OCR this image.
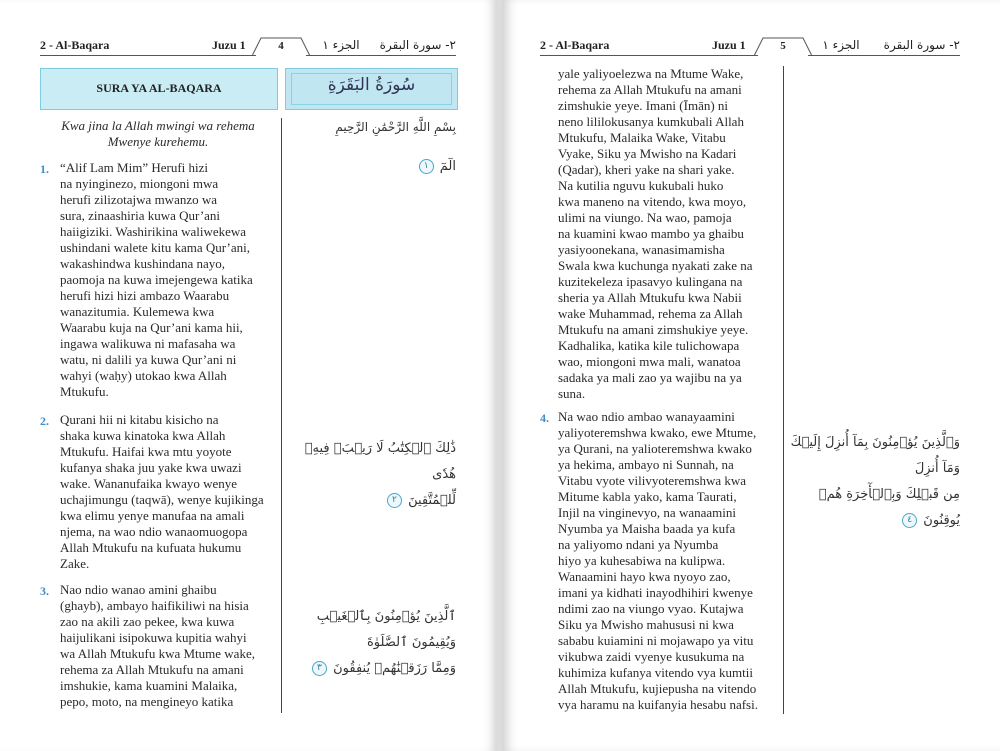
2 - Al-Baqara	Juzu 1	4	الجزء ١	٢- سورة البقرة
SURA YA AL-BAQARA	سُورَةُ البَقَرَةِ
Kwa jina la Allah mwingi wa rehema
Mwenye kurehemu.
بِسْمِ اللَّهِ الرَّحْمَٰنِ الرَّحِيمِ
1. “Alif Lam Mim” Herufi hizi
na nyinginezo, miongoni mwa
herufi zilizotajwa mwanzo wa
sura, zinaashiria kuwa Qur’ani
haiigiziki. Washirikina waliwekewa
ushindani walete kitu kama Qur’ani,
wakashindwa kushindana nayo,
paomoja na kuwa imejengewa katika
herufi hizi hizi ambazo Waarabu
wanazitumia. Kulemewa kwa
Waarabu kuja na Qur’ani kama hii,
ingawa walikuwa ni mafasaha wa
watu, ni dalili ya kuwa Qur’ani ni
wahyi (waḥy) utokao kwa Allah
Mtukufu.
الٓمٓ ١
2. Qurani hii ni kitabu kisicho na
shaka kuwa kinatoka kwa Allah
Mtukufu. Haifai kwa mtu yoyote
kufanya shaka juu yake kwa uwazi
wake. Wananufaika kwayo wenye
uchajimungu (taqwā), wenye kujikinga
kwa elimu yenye manufaa na amali
njema, na wao ndio wanaomuogopa
Allah Mtukufu na kufuata hukumu
Zake.

ذَٰلِكَ ٱلۡكِتَٰبُ لَا رَيۡبَۛ فِيهِۛ هُدٗى
لِّلۡمُتَّقِينَ ٢

3. Nao ndio wanao amini ghaibu
(ghayb), ambayo haifikiliwi na hisia
zao na akili zao pekee, kwa kuwa
haijulikani isipokuwa kupitia wahyi
wa Allah Mtukufu kwa Mtume wake,
rehema za Allah Mtukufu na amani
imshukie, kama kuamini Malaika,
pepo, moto, na mengineyo katika

ٱلَّذِينَ يُؤۡمِنُونَ بِٱلۡغَيۡبِ وَيُقِيمُونَ ٱلصَّلَوٰةَ
وَمِمَّا رَزَقۡنَٰهُمۡ يُنفِقُونَ ٣

2 - Al-Baqara	Juzu 1	5	الجزء ١	٢- سورة البقرة
yale yaliyoelezwa na Mtume Wake,
rehema za Allah Mtukufu na amani
zimshukie yeye. Imani (Īmān) ni
neno lililokusanya kumkubali Allah
Mtukufu, Malaika Wake, Vitabu
Vyake, Siku ya Mwisho na Kadari
(Qadar), kheri yake na shari yake.
Na kutilia nguvu kukubali huko
kwa maneno na vitendo, kwa moyo,
ulimi na viungo. Na wao, pamoja
na kuamini kwao mambo ya ghaibu
yasiyoonekana, wanasimamisha
Swala kwa kuchunga nyakati zake na
kuzitekeleza ipasavyo kulingana na
sheria ya Allah Mtukufu kwa Nabii
wake Muhammad, rehema za Allah
Mtukufu na amani zimshukiye yeye.
Kadhalika, katika kile tulichowapa
wao, miongoni mwa mali, wanatoa
sadaka ya mali zao ya wajibu na ya
suna.
4. Na wao ndio ambao wanayaamini
yaliyoteremshwa kwako, ewe Mtume,
ya Qurani, na yalioteremshwa kwako
ya hekima, ambayo ni Sunnah, na
Vitabu vyote vilivyoteremshwa kwa
Mitume kabla yako, kama Taurati,
Injil na vinginevyo, na wanaamini
Nyumba ya Maisha baada ya kufa
na yaliyomo ndani ya Nyumba
hiyo ya kuhesabiwa na kulipwa.
Wanaamini hayo kwa nyoyo zao,
imani ya kidhati inayodhihiri kwenye
ndimi zao na viungo vyao. Kutajwa
Siku ya Mwisho mahususi ni kwa
sababu kuiamini ni mojawapo ya vitu
vikubwa zaidi vyenye kusukuma na
kuhimiza kufanya vitendo vya kumtii
Allah Mtukufu, kujiepusha na vitendo
vya haramu na kuifanyia hesabu nafsi.

وَٱلَّذِينَ يُؤۡمِنُونَ بِمَآ أُنزِلَ إِلَيۡكَ وَمَآ أُنزِلَ
مِن قَبۡلِكَ وَبِٱلۡأٓخِرَةِ هُمۡ يُوقِنُونَ ٤
